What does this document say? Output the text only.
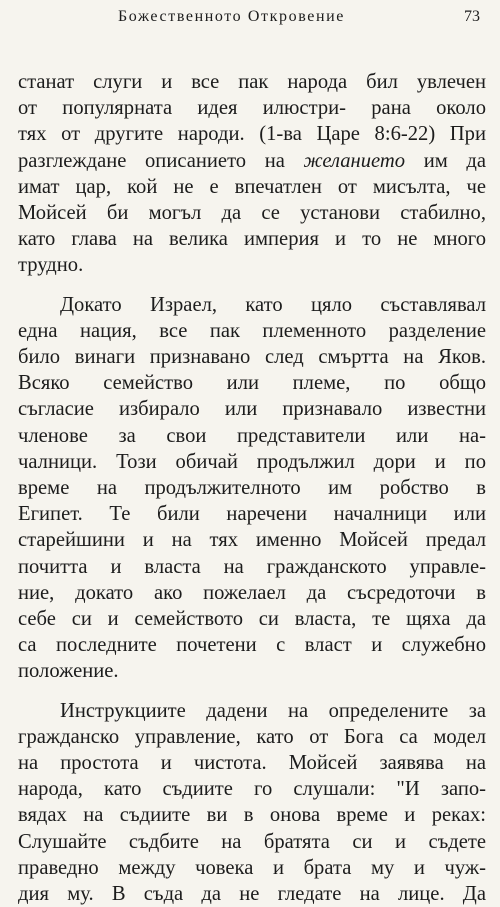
Божественното Откровение	73
станат слуги и все пак народа бил увлечен
от популярната идея илюстри- рана около
тях от другите народи. (1-ва Царе 8:6-22) При
разглеждане описанието на желанието им да
имат цар, кой не е впечатлен от мисълта, че
Мойсей би могъл да се установи стабилно,
като глава на велика империя и то не много
трудно.
Докато Израел, като цяло съставлявал
една нация, все пак племенното разделение
било винаги признавано след смъртта на Яков.
Всяко семейство или племе, по общо
съгласие избирало или признавало известни
членове за свои представители или на-
чалници. Този обичай продължил дори и по
време на продължителното им робство в
Египет. Те били наречени началници или
старейшини и на тях именно Мойсей предал
почитта и власта на гражданското управле-
ние, докато ако пожелаел да съсредоточи в
себе си и семейството си власта, те щяха да
са последните почетени с власт и служебно
положение.
Инструкциите дадени на определените за
гражданско управление, като от Бога са модел
на простота и чистота. Мойсей заявява на
народа, като съдиите го слушали: "И запо-
вядах на съдиите ви в онова време и реках:
Слушайте съдбите на братята си и съдете
праведно между човека и брата му и чуж-
дия му. В съда да не гледате на лице. Да
